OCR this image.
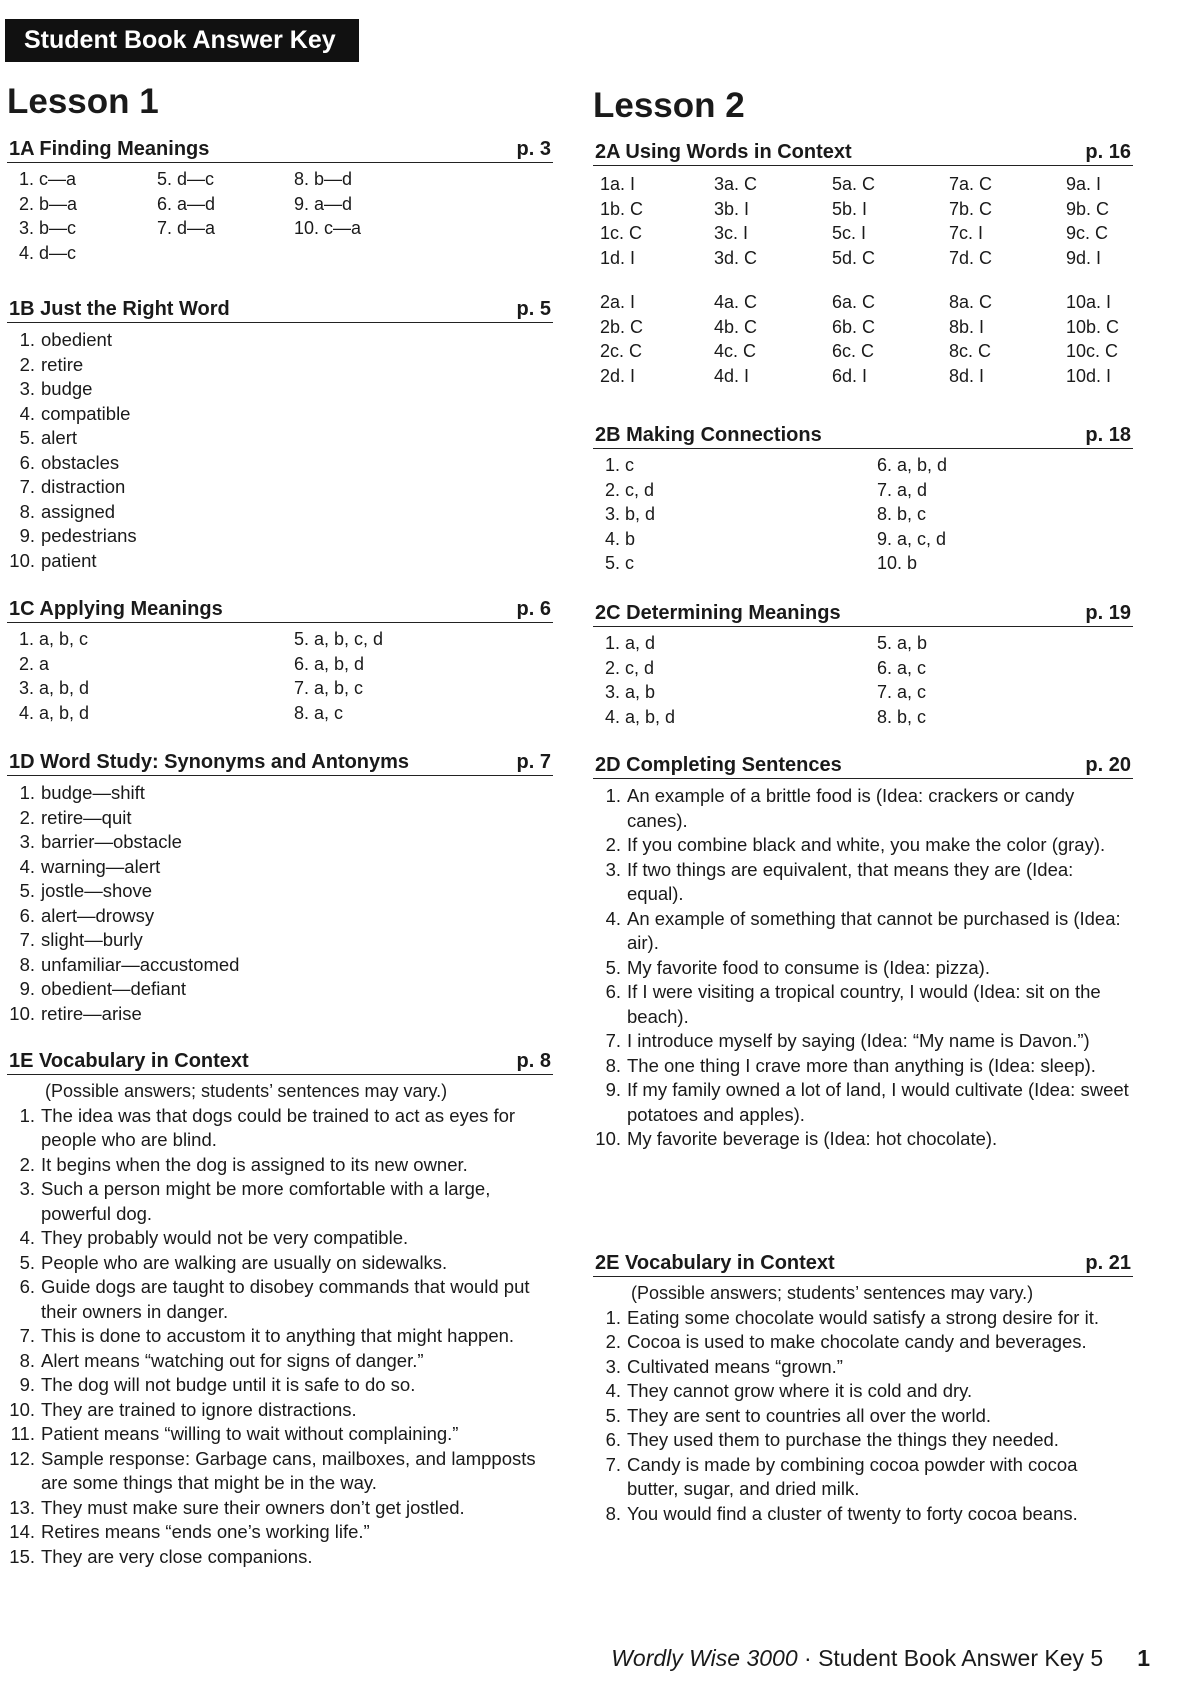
Student Book Answer Key
Lesson 1
1A Finding Meanings	p. 3
1. c—a
2. b—a
3. b—c
4. d—c
5. d—c
6. a—d
7. d—a
8. b—d
9. a—d
10. c—a
1B Just the Right Word	p. 5
1. obedient
2. retire
3. budge
4. compatible
5. alert
6. obstacles
7. distraction
8. assigned
9. pedestrians
10. patient
1C Applying Meanings	p. 6
1. a, b, c
2. a
3. a, b, d
4. a, b, d
5. a, b, c, d
6. a, b, d
7. a, b, c
8. a, c
1D Word Study: Synonyms and Antonyms	p. 7
1. budge—shift
2. retire—quit
3. barrier—obstacle
4. warning—alert
5. jostle—shove
6. alert—drowsy
7. slight—burly
8. unfamiliar—accustomed
9. obedient—defiant
10. retire—arise
1E Vocabulary in Context	p. 8
(Possible answers; students’ sentences may vary.)
1. The idea was that dogs could be trained to act as eyes for people who are blind.
2. It begins when the dog is assigned to its new owner.
3. Such a person might be more comfortable with a large, powerful dog.
4. They probably would not be very compatible.
5. People who are walking are usually on sidewalks.
6. Guide dogs are taught to disobey commands that would put their owners in danger.
7. This is done to accustom it to anything that might happen.
8. Alert means “watching out for signs of danger.”
9. The dog will not budge until it is safe to do so.
10. They are trained to ignore distractions.
11. Patient means “willing to wait without complaining.”
12. Sample response: Garbage cans, mailboxes, and lampposts are some things that might be in the way.
13. They must make sure their owners don’t get jostled.
14. Retires means “ends one’s working life.”
15. They are very close companions.
Lesson 2
2A Using Words in Context	p. 16
1a. I
1b. C
1c. C
1d. I
3a. C
3b. I
3c. I
3d. C
5a. C
5b. I
5c. I
5d. C
7a. C
7b. C
7c. I
7d. C
9a. I
9b. C
9c. C
9d. I
2a. I
2b. C
2c. C
2d. I
4a. C
4b. C
4c. C
4d. I
6a. C
6b. C
6c. C
6d. I
8a. C
8b. I
8c. C
8d. I
10a. I
10b. C
10c. C
10d. I
2B Making Connections	p. 18
1. c
2. c, d
3. b, d
4. b
5. c
6. a, b, d
7. a, d
8. b, c
9. a, c, d
10. b
2C Determining Meanings	p. 19
1. a, d
2. c, d
3. a, b
4. a, b, d
5. a, b
6. a, c
7. a, c
8. b, c
2D Completing Sentences	p. 20
1. An example of a brittle food is (Idea: crackers or candy canes).
2. If you combine black and white, you make the color (gray).
3. If two things are equivalent, that means they are (Idea: equal).
4. An example of something that cannot be purchased is (Idea: air).
5. My favorite food to consume is (Idea: pizza).
6. If I were visiting a tropical country, I would (Idea: sit on the beach).
7. I introduce myself by saying (Idea: “My name is Davon.”)
8. The one thing I crave more than anything is (Idea: sleep).
9. If my family owned a lot of land, I would cultivate (Idea: sweet potatoes and apples).
10. My favorite beverage is (Idea: hot chocolate).
2E Vocabulary in Context	p. 21
(Possible answers; students’ sentences may vary.)
1. Eating some chocolate would satisfy a strong desire for it.
2. Cocoa is used to make chocolate candy and beverages.
3. Cultivated means “grown.”
4. They cannot grow where it is cold and dry.
5. They are sent to countries all over the world.
6. They used them to purchase the things they needed.
7. Candy is made by combining cocoa powder with cocoa butter, sugar, and dried milk.
8. You would find a cluster of twenty to forty cocoa beans.
Wordly Wise 3000 · Student Book Answer Key 5 1
